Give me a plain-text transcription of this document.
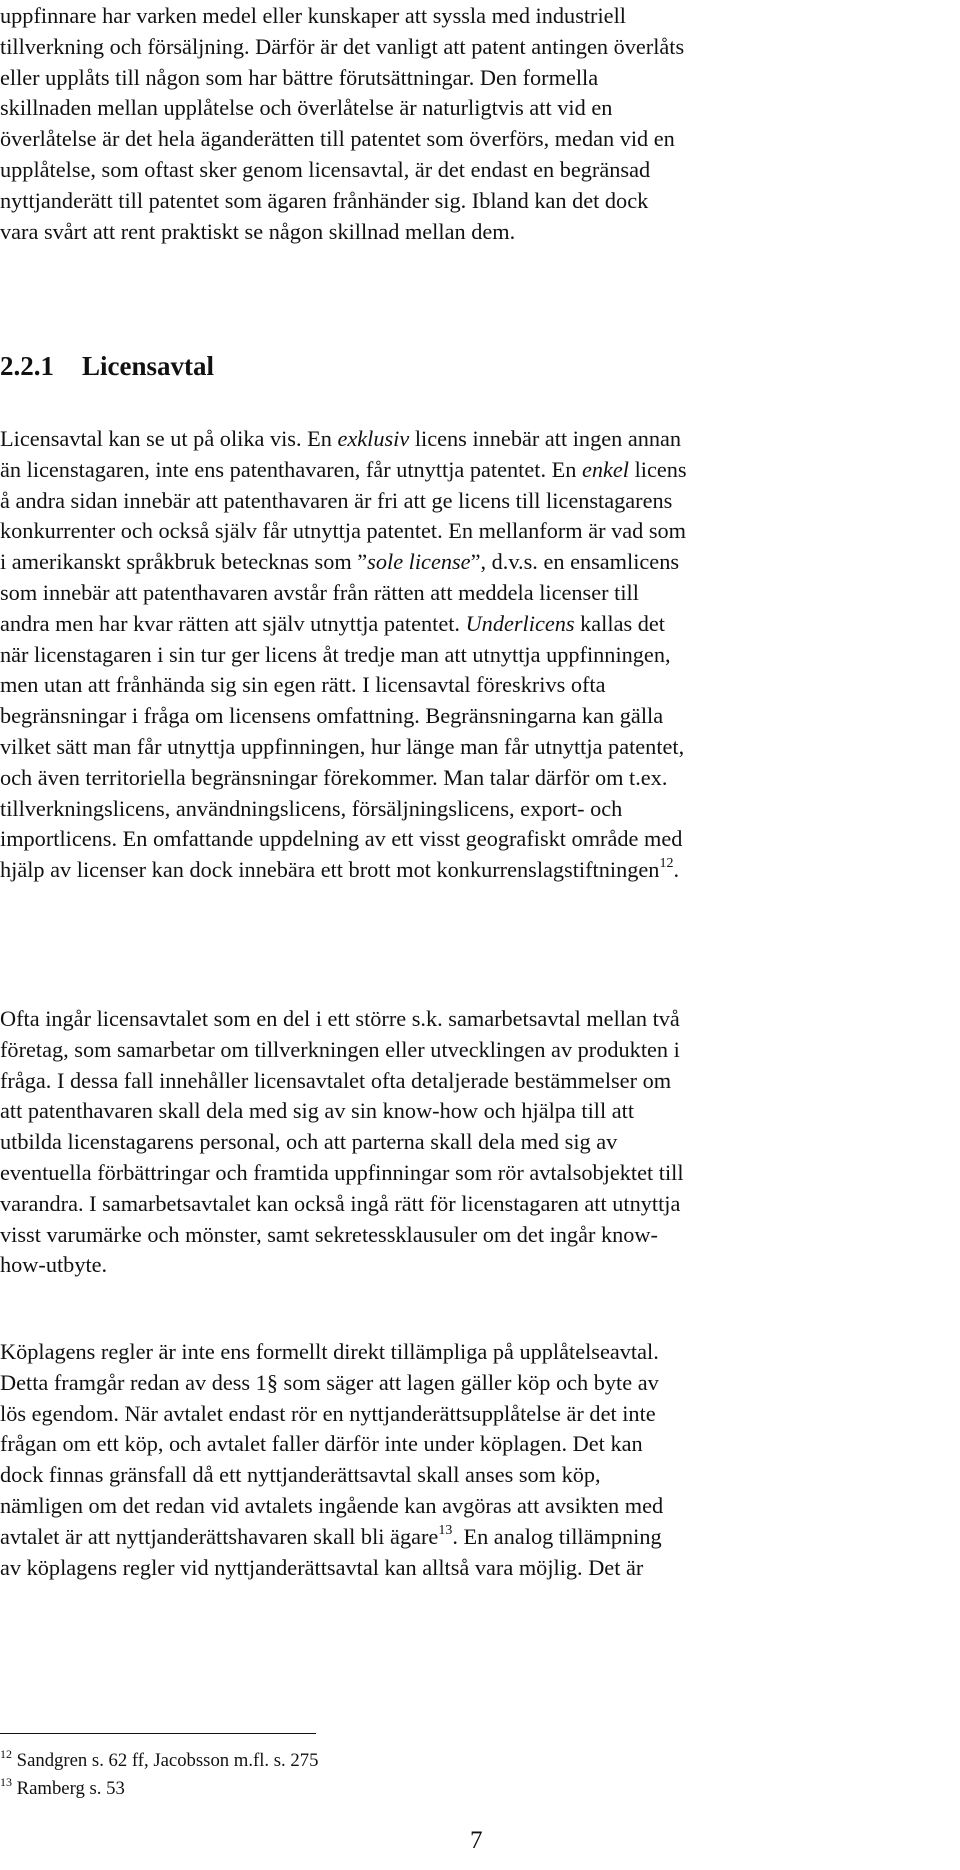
uppfinnare har varken medel eller kunskaper att syssla med industriell
tillverkning och försäljning. Därför är det vanligt att patent antingen överlåts
eller upplåts till någon som har bättre förutsättningar. Den formella
skillnaden mellan upplåtelse och överlåtelse är naturligtvis att vid en
överlåtelse är det hela äganderätten till patentet som överförs, medan vid en
upplåtelse, som oftast sker genom licensavtal, är det endast en begränsad
nyttjanderätt till patentet som ägaren frånhänder sig. Ibland kan det dock
vara svårt att rent praktiskt se någon skillnad mellan dem.
2.2.1 Licensavtal
Licensavtal kan se ut på olika vis. En exklusiv licens innebär att ingen annan
än licenstagaren, inte ens patenthavaren, får utnyttja patentet. En enkel licens
å andra sidan innebär att patenthavaren är fri att ge licens till licenstagarens
konkurrenter och också själv får utnyttja patentet. En mellanform är vad som
i amerikanskt språkbruk betecknas som ”sole license”, d.v.s. en ensamlicens
som innebär att patenthavaren avstår från rätten att meddela licenser till
andra men har kvar rätten att själv utnyttja patentet. Underlicens kallas det
när licenstagaren i sin tur ger licens åt tredje man att utnyttja uppfinningen,
men utan att frånhända sig sin egen rätt. I licensavtal föreskrivs ofta
begränsningar i fråga om licensens omfattning. Begränsningarna kan gälla
vilket sätt man får utnyttja uppfinningen, hur länge man får utnyttja patentet,
och även territoriella begränsningar förekommer. Man talar därför om t.ex.
tillverkningslicens, användningslicens, försäljningslicens, export- och
importlicens. En omfattande uppdelning av ett visst geografiskt område med
hjälp av licenser kan dock innebära ett brott mot konkurrenslagstiftningen$^{12}$.
Ofta ingår licensavtalet som en del i ett större s.k. samarbetsavtal mellan två
företag, som samarbetar om tillverkningen eller utvecklingen av produkten i
fråga. I dessa fall innehåller licensavtalet ofta detaljerade bestämmelser om
att patenthavaren skall dela med sig av sin know-how och hjälpa till att
utbilda licenstagarens personal, och att parterna skall dela med sig av
eventuella förbättringar och framtida uppfinningar som rör avtalsobjektet till
varandra. I samarbetsavtalet kan också ingå rätt för licenstagaren att utnyttja
visst varumärke och mönster, samt sekretessklausuler om det ingår know-
how-utbyte.
Köplagens regler är inte ens formellt direkt tillämpliga på upplåtelseavtal.
Detta framgår redan av dess 1§ som säger att lagen gäller köp och byte av
lös egendom. När avtalet endast rör en nyttjanderättsupplåtelse är det inte
frågan om ett köp, och avtalet faller därför inte under köplagen. Det kan
dock finnas gränsfall då ett nyttjanderättsavtal skall anses som köp,
nämligen om det redan vid avtalets ingående kan avgöras att avsikten med
avtalet är att nyttjanderättshavaren skall bli ägare$^{13}$. En analog tillämpning
av köplagens regler vid nyttjanderättsavtal kan alltså vara möjlig. Det är
$^{12}$ Sandgren s. 62 ff, Jacobsson m.fl. s. 275
$^{13}$ Ramberg s. 53

7
